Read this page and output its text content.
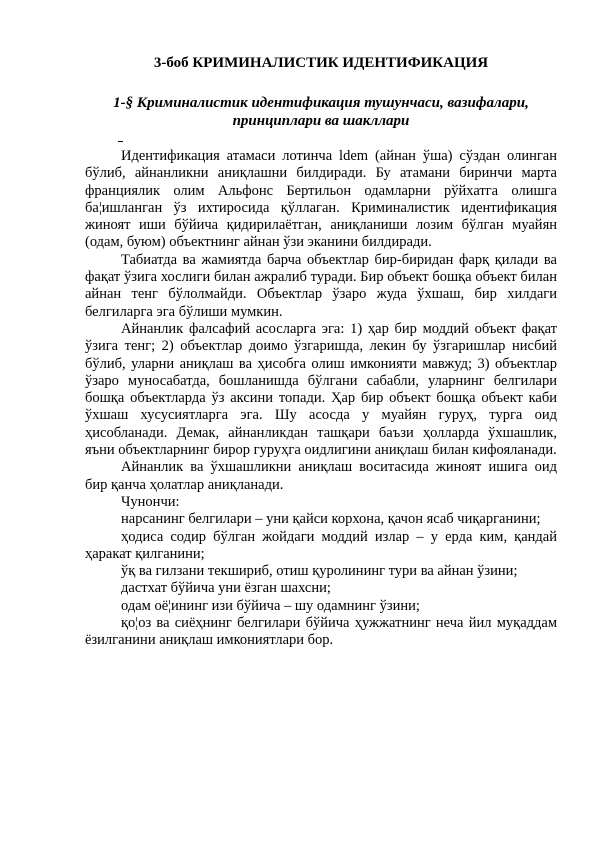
3-боб КРИМИНАЛИСТИК ИДЕНТИФИКАЦИЯ
1-§ Криминалистик идентификация тушунчаси, вазифалари, принциплари ва шакллари

Идентификация атамаси лотинча ldem (айнан ўша) сўздан олинган бўлиб, айнанликни аниқлашни билдиради. Бу атамани биринчи марта франциялик олим Альфонс Бертильон одамларни рўйхатга олишга ба¦ишланган ўз ихтиросида қўллаган. Криминалистик идентификация жиноят иши бўйича қидирилаётган, аниқланиши лозим бўлган муайян (одам, буюм) объектнинг айнан ўзи эканини билдиради.

Табиатда ва жамиятда барча объектлар бир-биридан фарқ қилади ва фақат ўзига хослиги билан ажралиб туради. Бир объект бошқа объект билан айнан тенг бўлолмайди. Объектлар ўзаро жуда ўхшаш, бир хилдаги белгиларга эга бўлиши мумкин.

Айнанлик фалсафий асосларга эга: 1) ҳар бир моддий объект фақат ўзига тенг; 2) объектлар доимо ўзгаришда, лекин бу ўзгаришлар нисбий бўлиб, уларни аниқлаш ва ҳисобга олиш имконияти мавжуд; 3) объектлар ўзаро муносабатда, бошланишда бўлгани сабабли, уларнинг белгилари бошқа объектларда ўз аксини топади. Ҳар бир объект бошқа объект каби ўхшаш хусусиятларга эга. Шу асосда у муайян гуруҳ, турга оид ҳисобланади. Демак, айнанликдан ташқари баъзи ҳолларда ўхшашлик, яъни объектларнинг бирор гуруҳга оидлигини аниқлаш билан кифояланади.

Айнанлик ва ўхшашликни аниқлаш воситасида жиноят ишига оид бир қанча ҳолатлар аниқланади.

Чунончи:

нарсанинг белгилари – уни қайси корхона, қачон ясаб чиқарганини;

ҳодиса содир бўлган жойдаги моддий излар – у ерда ким, қандай ҳаракат қилганини;

ўқ ва гилзани текшириб, отиш қуролининг тури ва айнан ўзини;

дастхат бўйича уни ёзган шахсни;

одам оё¦ининг изи бўйича – шу одамнинг ўзини;

қо¦оз ва сиёҳнинг белгилари бўйича ҳужжатнинг неча йил муқаддам ёзилганини аниқлаш имкониятлари бор.
